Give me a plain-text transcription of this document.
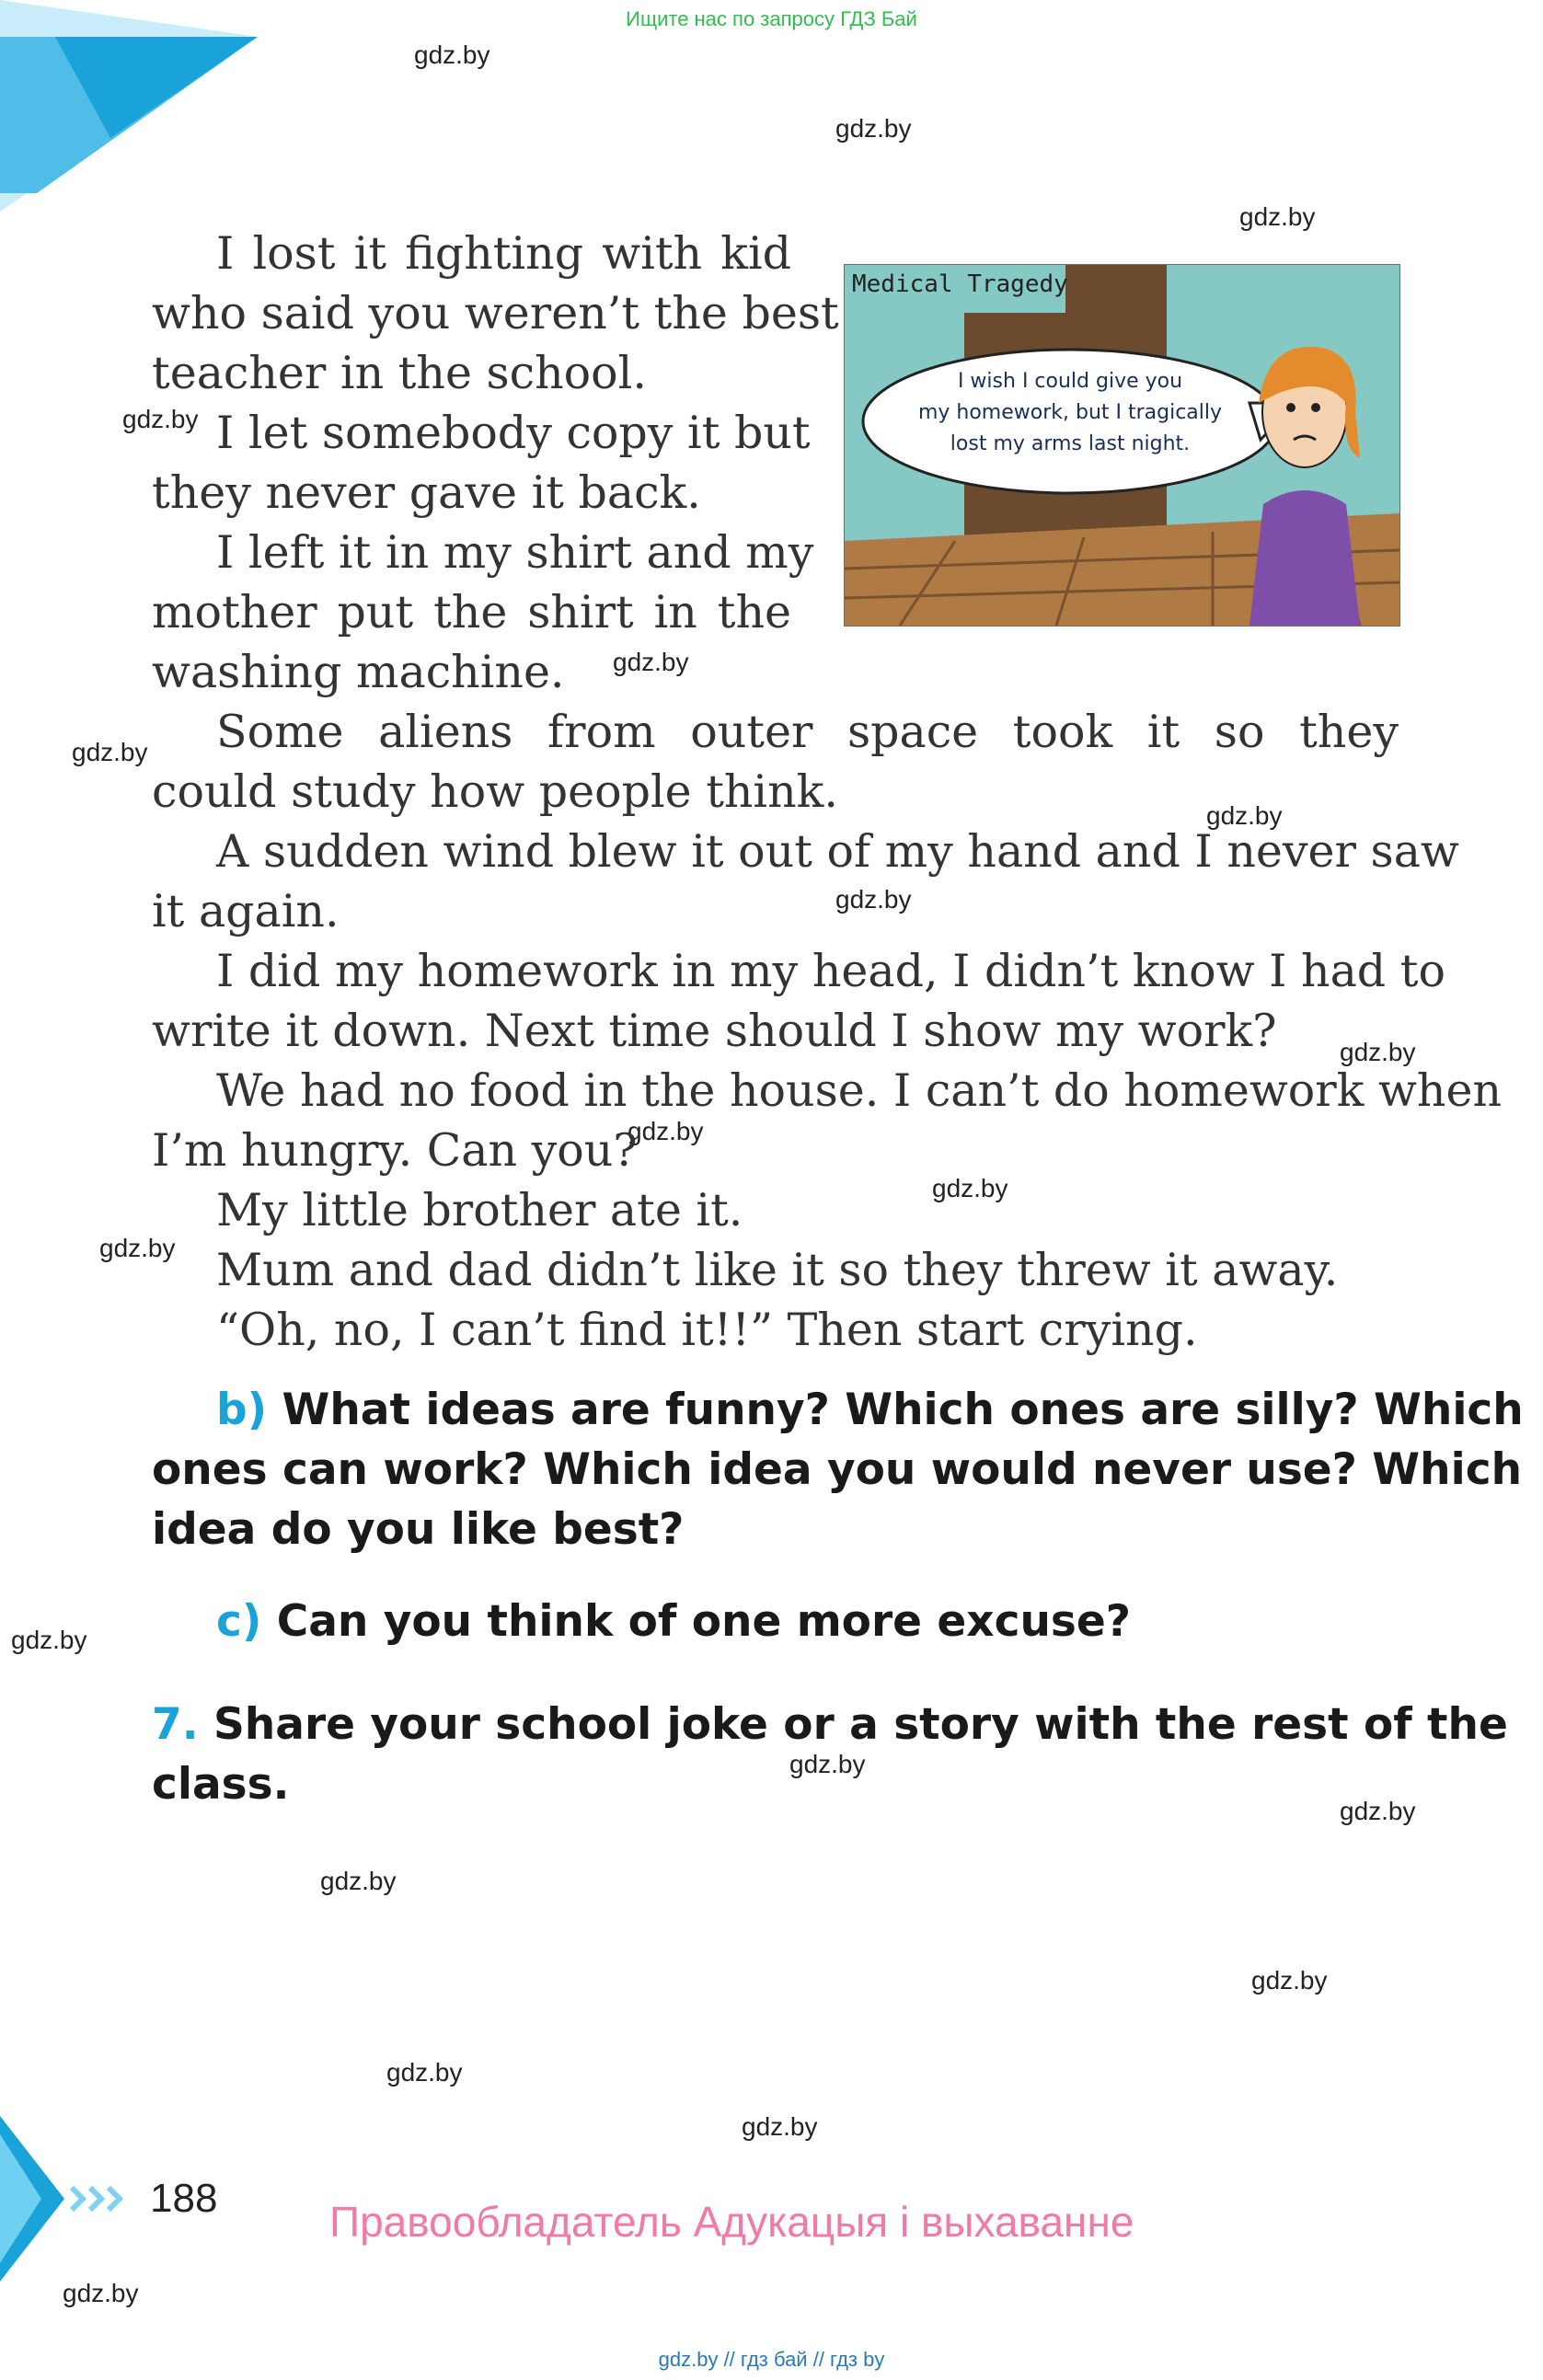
Ищите нас по запросу ГДЗ Бай
gdz.by
gdz.by
gdz.by
gdz.by
gdz.by
gdz.by
gdz.by
gdz.by
gdz.by
gdz.by
gdz.by
gdz.by
gdz.by
gdz.by
gdz.by
gdz.by
gdz.by
gdz.by
gdz.by
gdz.by
Medical Tragedy
I wish I could give you
my homework, but I tragically
lost my arms last night.
I lost it fighting with kid
who said you weren’t the best
teacher in the school.
I let somebody copy it but
they never gave it back.
I left it in my shirt and my
mother put the shirt in the
washing machine.
Some aliens from outer space took it so they
could study how people think.
A sudden wind blew it out of my hand and I never saw
it again.
I did my homework in my head, I didn’t know I had to
write it down. Next time should I show my work?
We had no food in the house. I can’t do homework when
I’m hungry. Can you?
My little brother ate it.
Mum and dad didn’t like it so they threw it away.
“Oh, no, I can’t find it!!” Then start crying.
b) What ideas are funny? Which ones are silly? Which
ones can work? Which idea you would never use? Which
idea do you like best?
c) Can you think of one more excuse?
7. Share your school joke or a story with the rest of the
class.
188	Правообладатель Адукацыя і выхаванне
gdz.by // гдз бай // гдз by
